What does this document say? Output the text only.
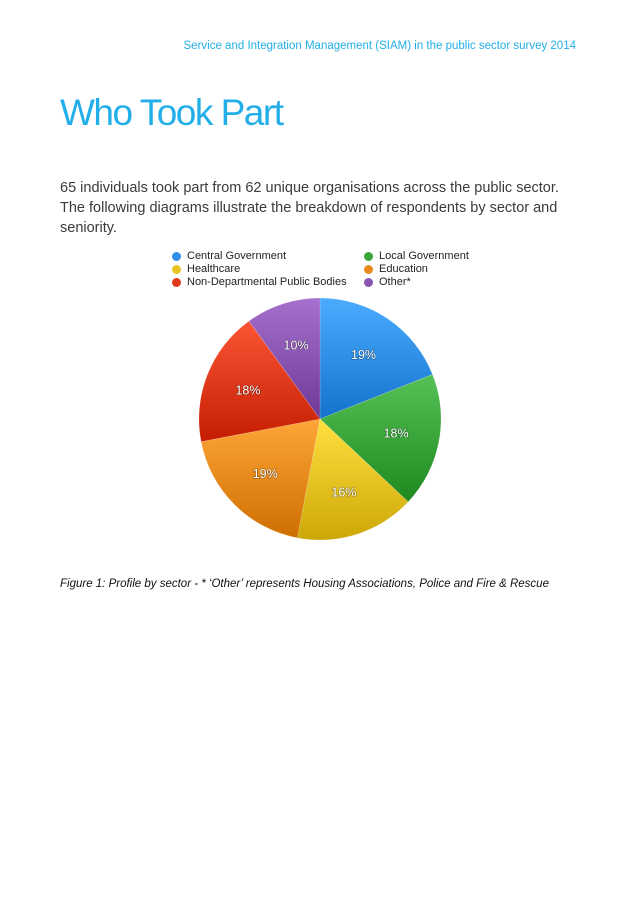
Service and Integration Management (SIAM) in the public sector survey 2014
Who Took Part
65 individuals took part from 62 unique organisations across the public sector. The following diagrams illustrate the breakdown of respondents by sector and seniority.
Central Government	Local Government
Healthcare	Education
Non-Departmental Public Bodies	Other*
19%
18%
16%
19%
18%
10%
Figure 1: Profile by sector - * ‘Other’ represents Housing Associations, Police and Fire & Rescue
